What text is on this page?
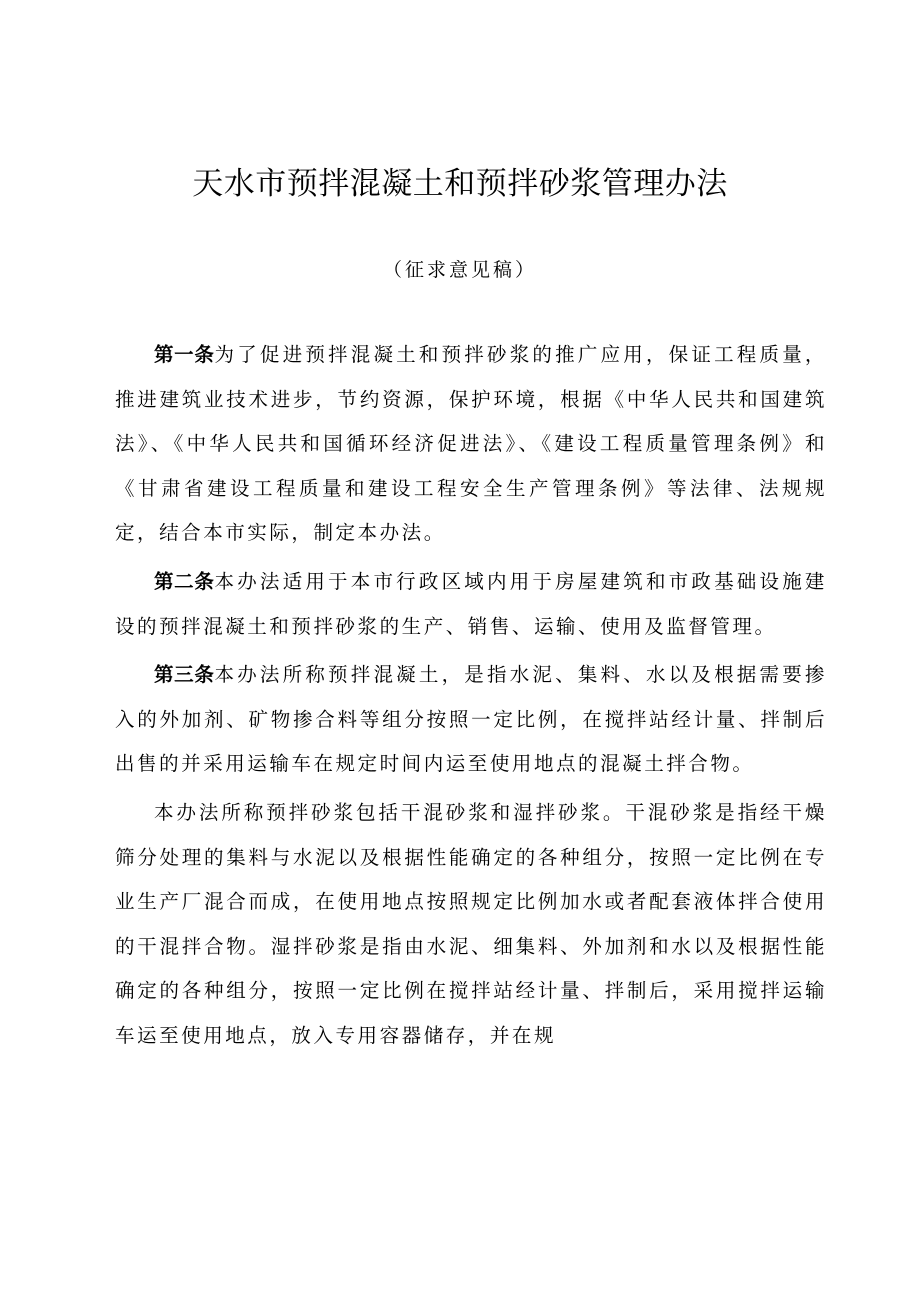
天水市预拌混凝土和预拌砂浆管理办法
（征求意见稿）

第一条为了促进预拌混凝土和预拌砂浆的推广应用，保证工程质量，推进建筑业技术进步，节约资源，保护环境，根据《中华人民共和国建筑法》、《中华人民共和国循环经济促进法》、《建设工程质量管理条例》和《甘肃省建设工程质量和建设工程安全生产管理条例》等法律、法规规定，结合本市实际，制定本办法。

第二条本办法适用于本市行政区域内用于房屋建筑和市政基础设施建设的预拌混凝土和预拌砂浆的生产、销售、运输、使用及监督管理。

第三条本办法所称预拌混凝土，是指水泥、集料、水以及根据需要掺入的外加剂、矿物掺合料等组分按照一定比例，在搅拌站经计量、拌制后出售的并采用运输车在规定时间内运至使用地点的混凝土拌合物。

本办法所称预拌砂浆包括干混砂浆和湿拌砂浆。干混砂浆是指经干燥筛分处理的集料与水泥以及根据性能确定的各种组分，按照一定比例在专业生产厂混合而成，在使用地点按照规定比例加水或者配套液体拌合使用的干混拌合物。湿拌砂浆是指由水泥、细集料、外加剂和水以及根据性能确定的各种组分，按照一定比例在搅拌站经计量、拌制后，采用搅拌运输车运至使用地点，放入专用容器储存，并在规
